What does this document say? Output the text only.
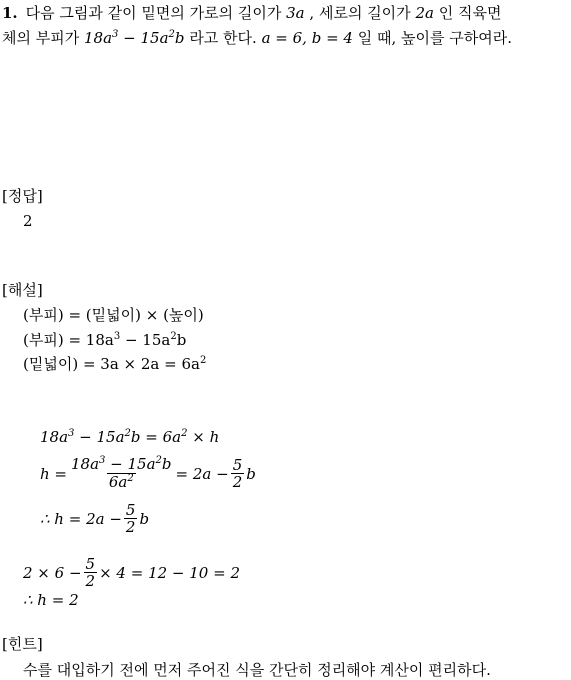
1. 다음 그림과 같이 밑면의 가로의 길이가 3a , 세로의 길이가 2a 인 직육면
체의 부피가 $18a^3 - 15a^2b$ 라고 한다. a = 6, b = 4 일 때, 높이를 구하여라.
[정답]
2
[해설]
(부피) = (밑넓이) × (높이)
(부피) = $18a^3 - 15a^2b$
(밑넓이) = $3a \times 2a = 6a^2$
$18a^3 - 15a^2b = 6a^2 \times h$
$h = \frac{18a^3 - 15a^2b}{6a^2} = 2a - \frac{5}{2}$ b
∴ $h = 2a - \frac{5}{2}$ b
$2 \times 6 - \frac{5}{2} \times 4 = 12 - 10 = 2$
∴ h = 2
[힌트]
수를 대입하기 전에 먼저 주어진 식을 간단히 정리해야 계산이 편리하다.
